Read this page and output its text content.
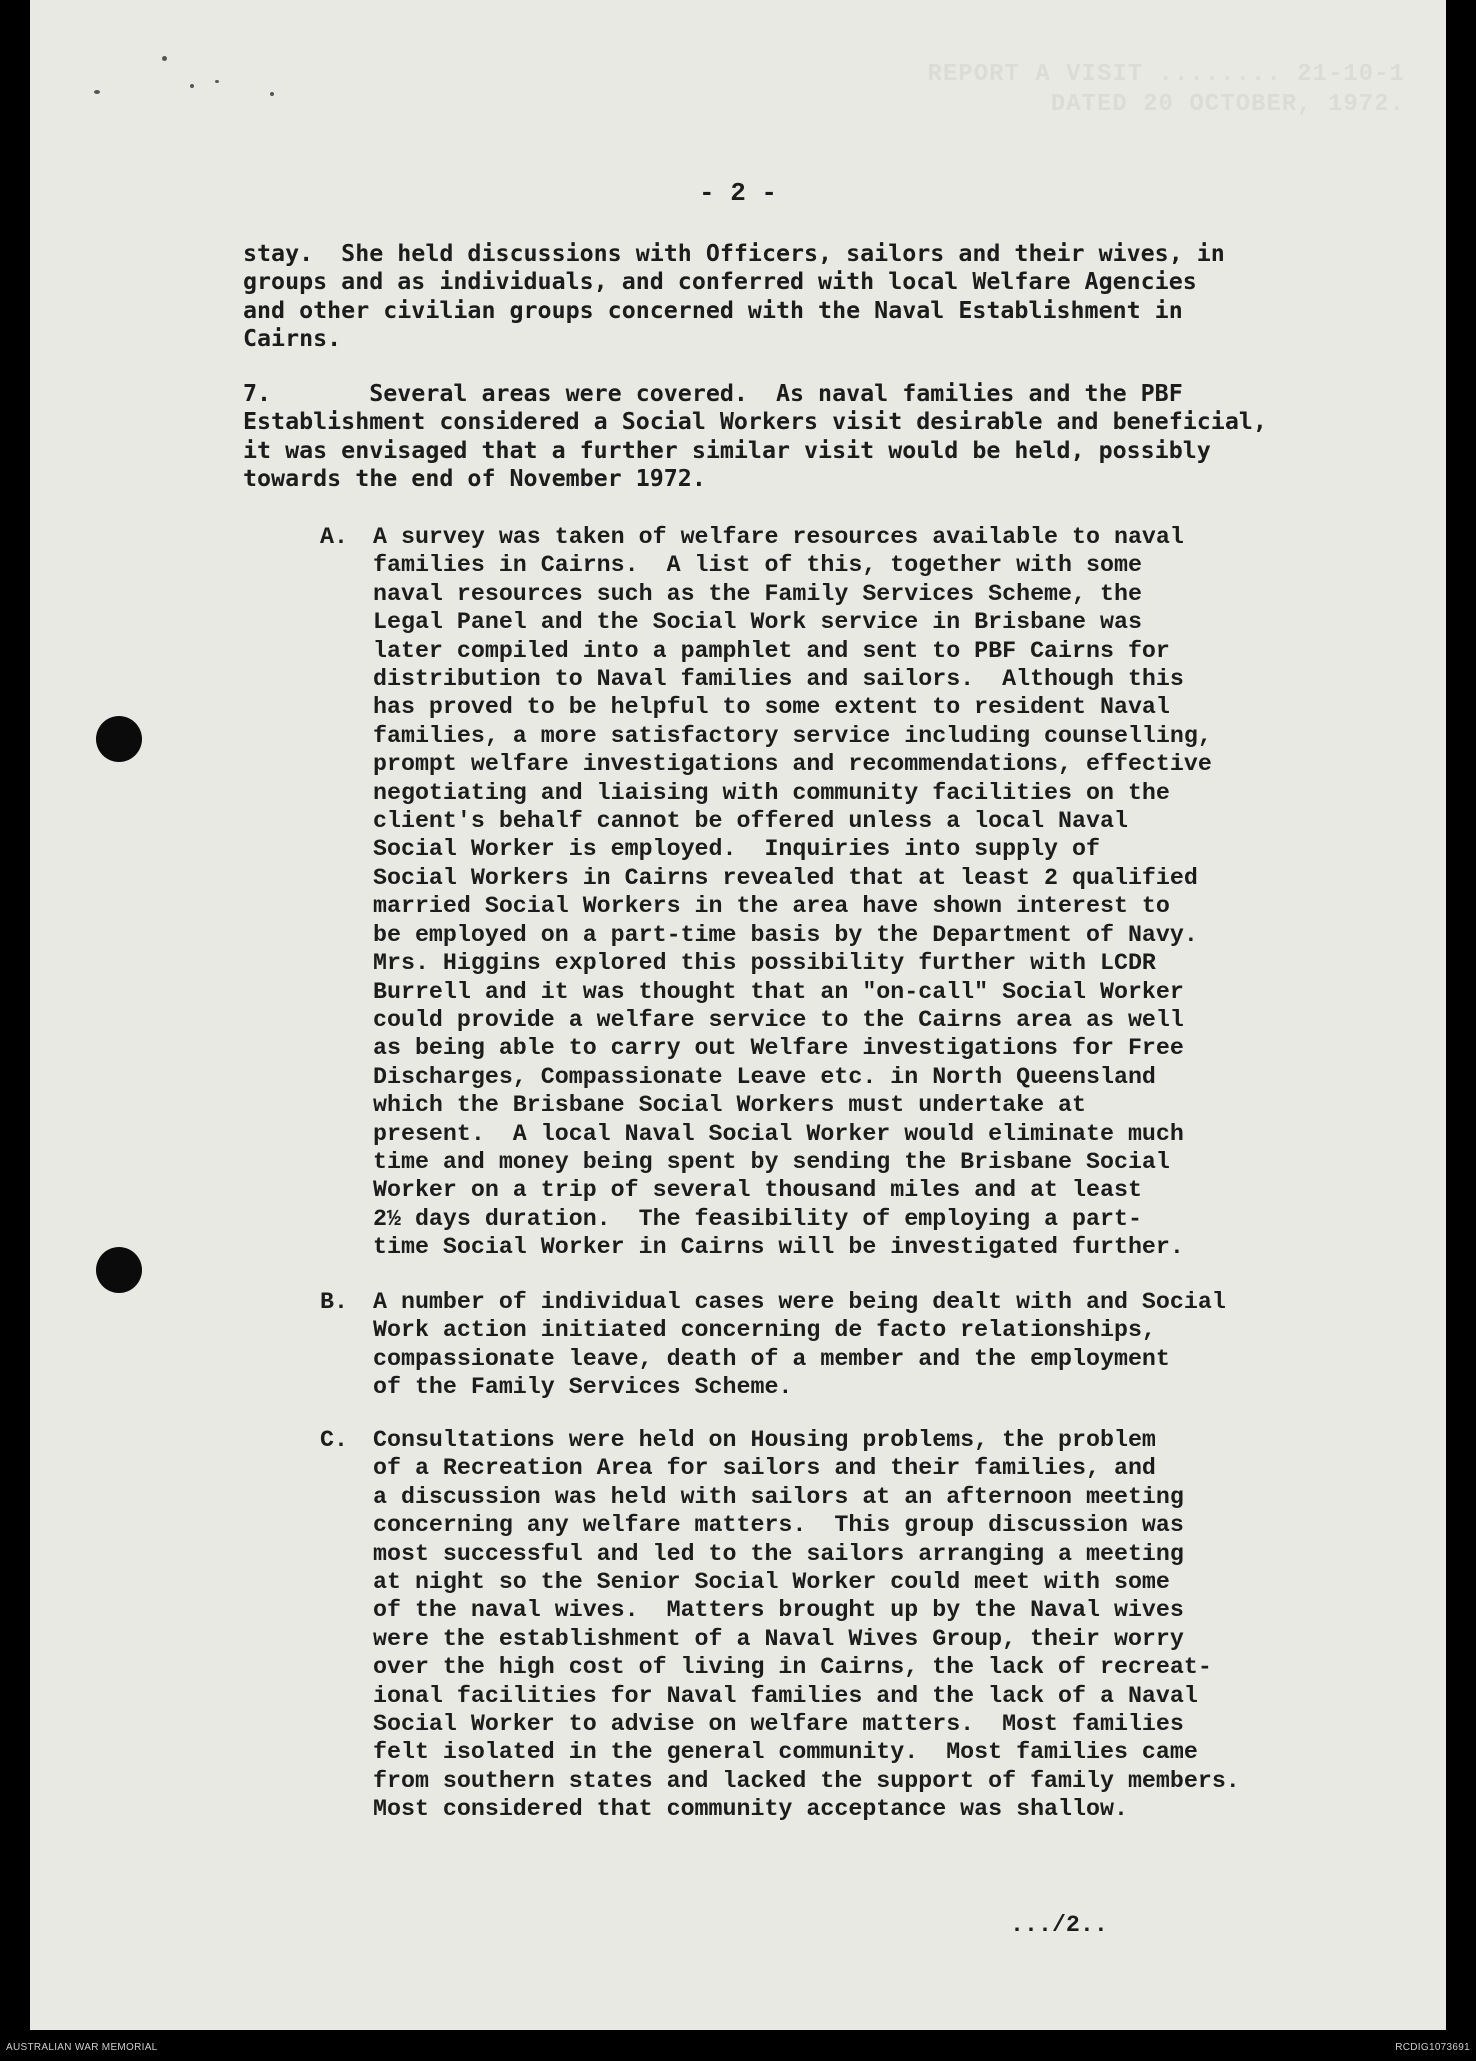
REPORT A VISIT ........ 21-10-1
DATED 20 OCTOBER, 1972.
- 2 -
stay.  She held discussions with Officers, sailors and their wives, in
groups and as individuals, and conferred with local Welfare Agencies
and other civilian groups concerned with the Naval Establishment in
Cairns.
7.       Several areas were covered.  As naval families and the PBF
Establishment considered a Social Workers visit desirable and beneficial,
it was envisaged that a further similar visit would be held, possibly
towards the end of November 1972.
A. A survey was taken of welfare resources available to naval
families in Cairns.  A list of this, together with some
naval resources such as the Family Services Scheme, the
Legal Panel and the Social Work service in Brisbane was
later compiled into a pamphlet and sent to PBF Cairns for
distribution to Naval families and sailors.  Although this
has proved to be helpful to some extent to resident Naval
families, a more satisfactory service including counselling,
prompt welfare investigations and recommendations, effective
negotiating and liaising with community facilities on the
client's behalf cannot be offered unless a local Naval
Social Worker is employed.  Inquiries into supply of
Social Workers in Cairns revealed that at least 2 qualified
married Social Workers in the area have shown interest to
be employed on a part-time basis by the Department of Navy.
Mrs. Higgins explored this possibility further with LCDR
Burrell and it was thought that an "on-call" Social Worker
could provide a welfare service to the Cairns area as well
as being able to carry out Welfare investigations for Free
Discharges, Compassionate Leave etc. in North Queensland
which the Brisbane Social Workers must undertake at
present.  A local Naval Social Worker would eliminate much
time and money being spent by sending the Brisbane Social
Worker on a trip of several thousand miles and at least
2½ days duration.  The feasibility of employing a part-
time Social Worker in Cairns will be investigated further.
B. A number of individual cases were being dealt with and Social
Work action initiated concerning de facto relationships,
compassionate leave, death of a member and the employment
of the Family Services Scheme.
C. Consultations were held on Housing problems, the problem
of a Recreation Area for sailors and their families, and
a discussion was held with sailors at an afternoon meeting
concerning any welfare matters.  This group discussion was
most successful and led to the sailors arranging a meeting
at night so the Senior Social Worker could meet with some
of the naval wives.  Matters brought up by the Naval wives
were the establishment of a Naval Wives Group, their worry
over the high cost of living in Cairns, the lack of recreat-
ional facilities for Naval families and the lack of a Naval
Social Worker to advise on welfare matters.  Most families
felt isolated in the general community.  Most families came
from southern states and lacked the support of family members.
Most considered that community acceptance was shallow.
.../2..
AUSTRALIAN WAR MEMORIAL	RCDIG1073691
